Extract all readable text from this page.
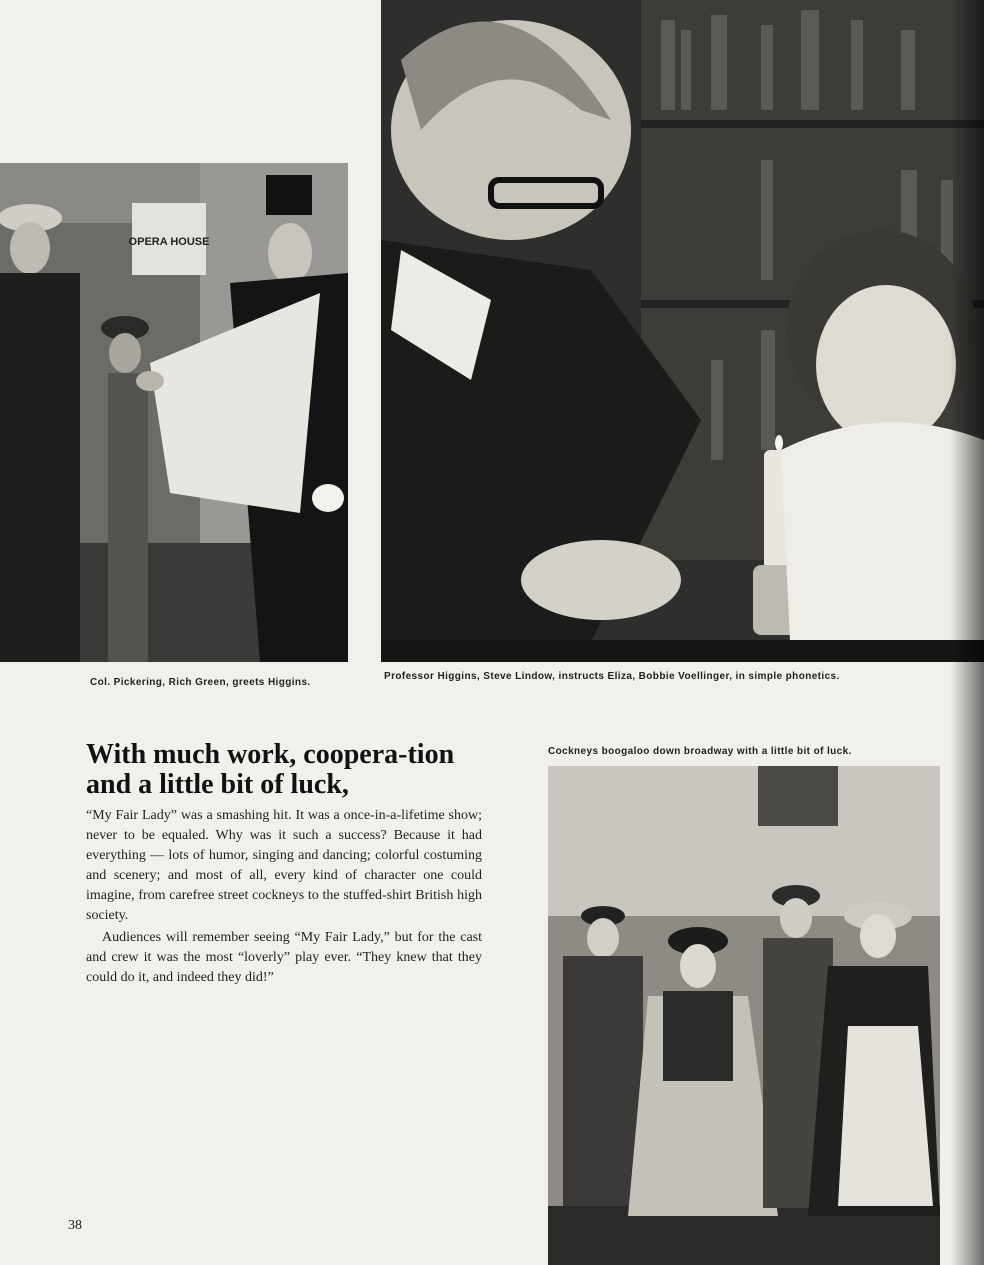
OPERA HOUSE
Col. Pickering, Rich Green, greets Higgins.
Professor Higgins, Steve Lindow, instructs Eliza, Bobbie Voellinger, in simple phonetics.
With much work, coopera-tion and a little bit of luck,

“My Fair Lady” was a smashing hit. It was a once-in-a-lifetime show; never to be equaled. Why was it such a success? Because it had everything — lots of humor, singing and dancing; colorful costuming and scenery; and most of all, every kind of character one could imagine, from carefree street cockneys to the stuffed-shirt British high society.

Audiences will remember seeing “My Fair Lady,” but for the cast and crew it was the most “loverly” play ever. “They knew that they could do it, and indeed they did!”

Cockneys boogaloo down broadway with a little bit of luck.
38
